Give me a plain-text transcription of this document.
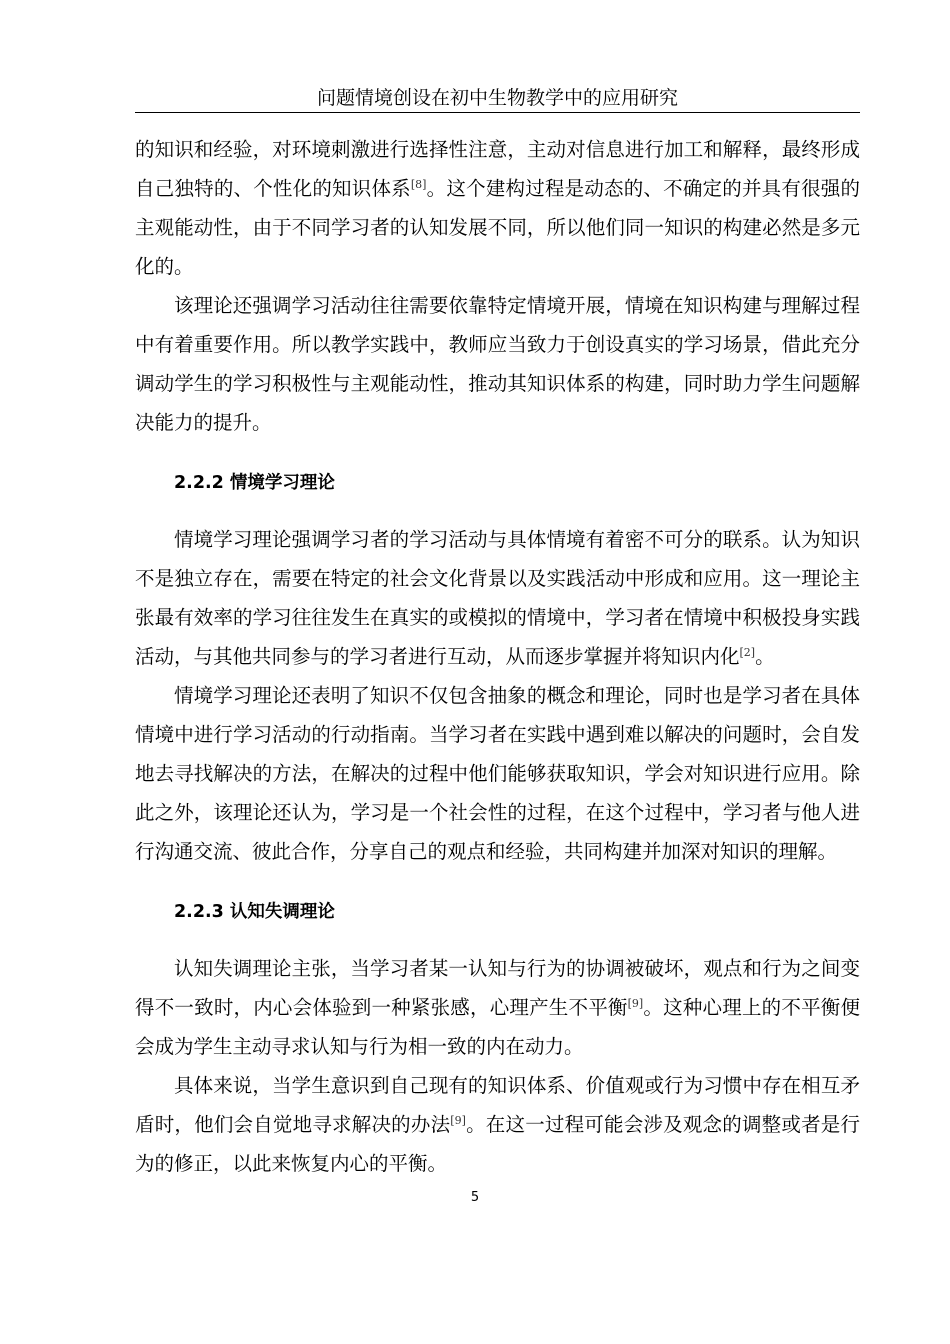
问题情境创设在初中生物教学中的应用研究

的知识和经验，对环境刺激进行选择性注意，主动对信息进行加工和解释，最终形成自己独特的、个性化的知识体系[8]。这个建构过程是动态的、不确定的并具有很强的主观能动性，由于不同学习者的认知发展不同，所以他们同一知识的构建必然是多元化的。

该理论还强调学习活动往往需要依靠特定情境开展，情境在知识构建与理解过程中有着重要作用。所以教学实践中，教师应当致力于创设真实的学习场景，借此充分调动学生的学习积极性与主观能动性，推动其知识体系的构建，同时助力学生问题解决能力的提升。

2.2.2 情境学习理论

情境学习理论强调学习者的学习活动与具体情境有着密不可分的联系。认为知识不是独立存在，需要在特定的社会文化背景以及实践活动中形成和应用。这一理论主张最有效率的学习往往发生在真实的或模拟的情境中，学习者在情境中积极投身实践活动，与其他共同参与的学习者进行互动，从而逐步掌握并将知识内化[2]。

情境学习理论还表明了知识不仅包含抽象的概念和理论，同时也是学习者在具体情境中进行学习活动的行动指南。当学习者在实践中遇到难以解决的问题时，会自发地去寻找解决的方法，在解决的过程中他们能够获取知识，学会对知识进行应用。除此之外，该理论还认为，学习是一个社会性的过程，在这个过程中，学习者与他人进行沟通交流、彼此合作，分享自己的观点和经验，共同构建并加深对知识的理解。

2.2.3 认知失调理论

认知失调理论主张，当学习者某一认知与行为的协调被破坏，观点和行为之间变得不一致时，内心会体验到一种紧张感，心理产生不平衡[9]。这种心理上的不平衡便会成为学生主动寻求认知与行为相一致的内在动力。

具体来说，当学生意识到自己现有的知识体系、价值观或行为习惯中存在相互矛盾时，他们会自觉地寻求解决的办法[9]。在这一过程可能会涉及观念的调整或者是行为的修正，以此来恢复内心的平衡。

5
